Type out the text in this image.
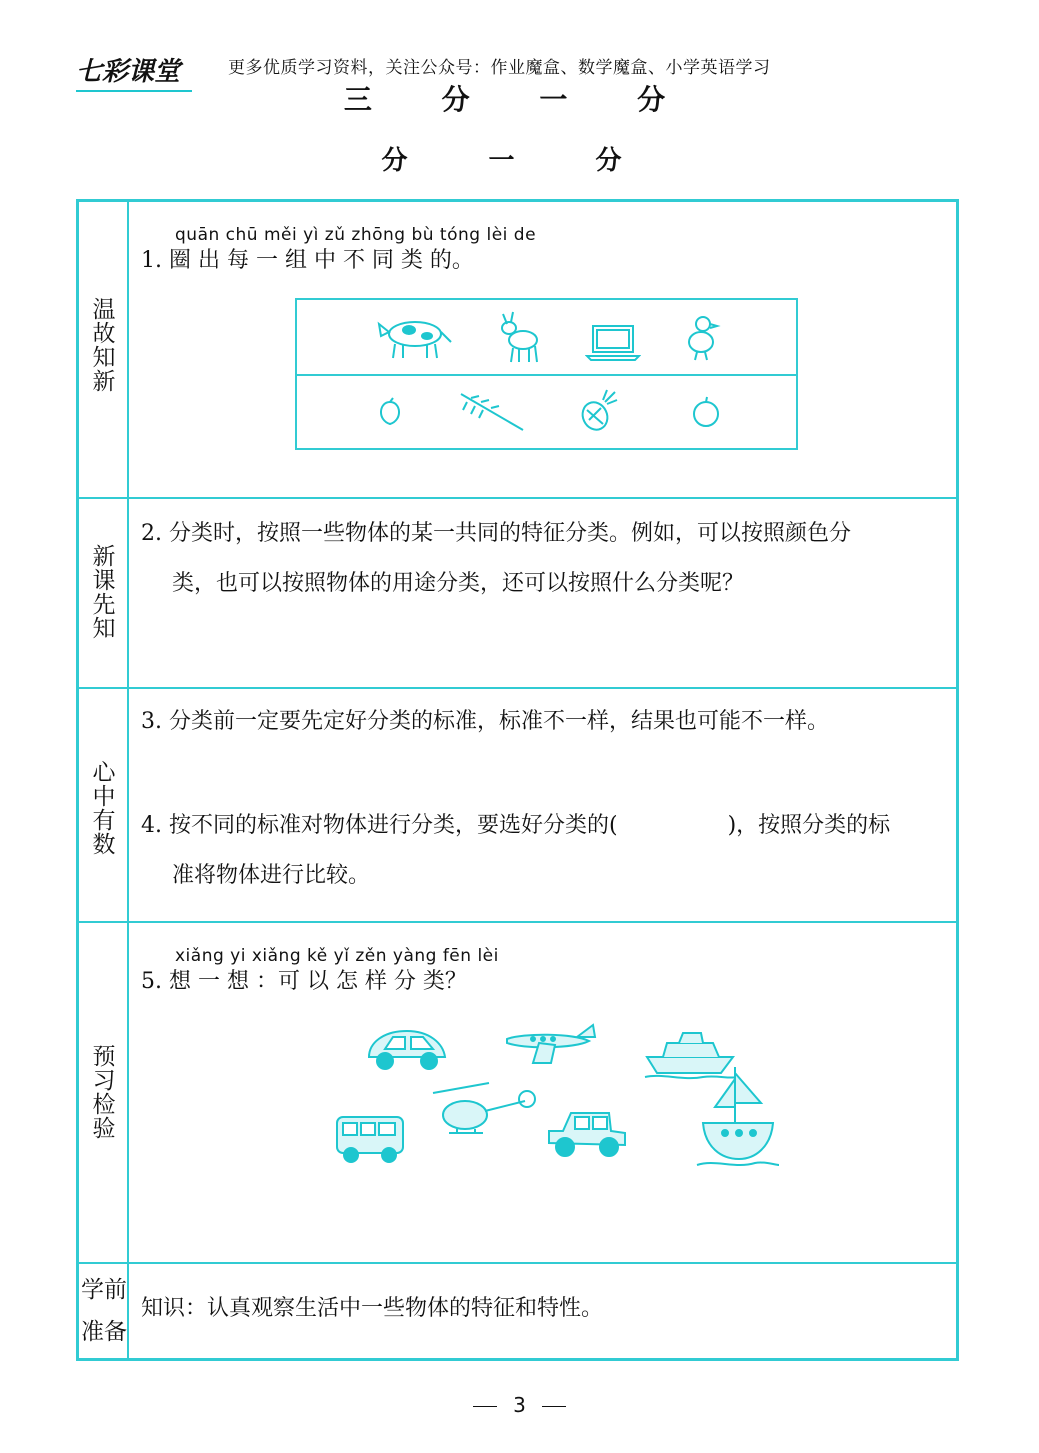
七彩课堂	更多优质学习资料，关注公众号：作业魔盒、数学魔盒、小学英语学习
三 分 一 分
分 一 分
温
故
知
新
quān chū měi yì zǔ zhōng bù tóng lèi de
1. 圈 出 每 一 组 中 不 同 类 的。
新
课
先
知
2. 分类时，按照一些物体的某一共同的特征分类。例如，可以按照颜色分
类，也可以按照物体的用途分类，还可以按照什么分类呢？
心
中
有
数
3. 分类前一定要先定好分类的标准，标准不一样，结果也可能不一样。
4. 按不同的标准对物体进行分类，要选好分类的(　　　　　)，按照分类的标
准将物体进行比较。
预
习
检
验
xiǎng yi xiǎng kě yǐ zěn yàng fēn lèi
5. 想 一 想 ：可 以 怎 样 分 类？
学前
准备
知识：认真观察生活中一些物体的特征和特性。
3
